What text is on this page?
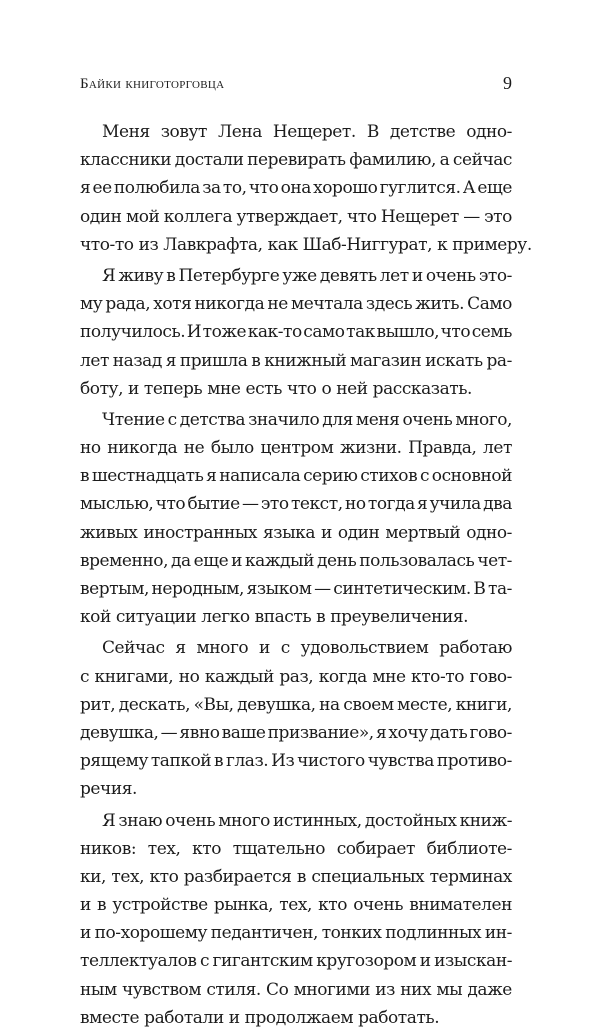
Байки книготорговца	9
Меня зовут Лена Нещерет. В детстве одно-
классники достали перевирать фамилию, а сейчас
я ее полюбила за то, что она хорошо гуглится. А еще
один мой коллега утверждает, что Нещерет — это
что-то из Лавкрафта, как Шаб-Ниггурат, к примеру.
Я живу в Петербурге уже девять лет и очень это-
му рада, хотя никогда не мечтала здесь жить. Само
получилось. И тоже как-то само так вышло, что семь
лет назад я пришла в книжный магазин искать ра-
боту, и теперь мне есть что о ней рассказать.
Чтение с детства значило для меня очень много,
но никогда не было центром жизни. Правда, лет
в шестнадцать я написала серию стихов с основной
мыслью, что бытие — это текст, но тогда я учила два
живых иностранных языка и один мертвый одно-
временно, да еще и каждый день пользовалась чет-
вертым, неродным, языком — синтетическим. В та-
кой ситуации легко впасть в преувеличения.
Сейчас я много и с удовольствием работаю
с книгами, но каждый раз, когда мне кто-то гово-
рит, дескать, «Вы, девушка, на своем месте, книги,
девушка, — явно ваше призвание», я хочу дать гово-
рящему тапкой в глаз. Из чистого чувства противо-
речия.
Я знаю очень много истинных, достойных книж-
ников: тех, кто тщательно собирает библиоте-
ки, тех, кто разбирается в специальных терминах
и в устройстве рынка, тех, кто очень внимателен
и по-хорошему педантичен, тонких подлинных ин-
теллектуалов с гигантским кругозором и изыскан-
ным чувством стиля. Со многими из них мы даже
вместе работали и продолжаем работать.
